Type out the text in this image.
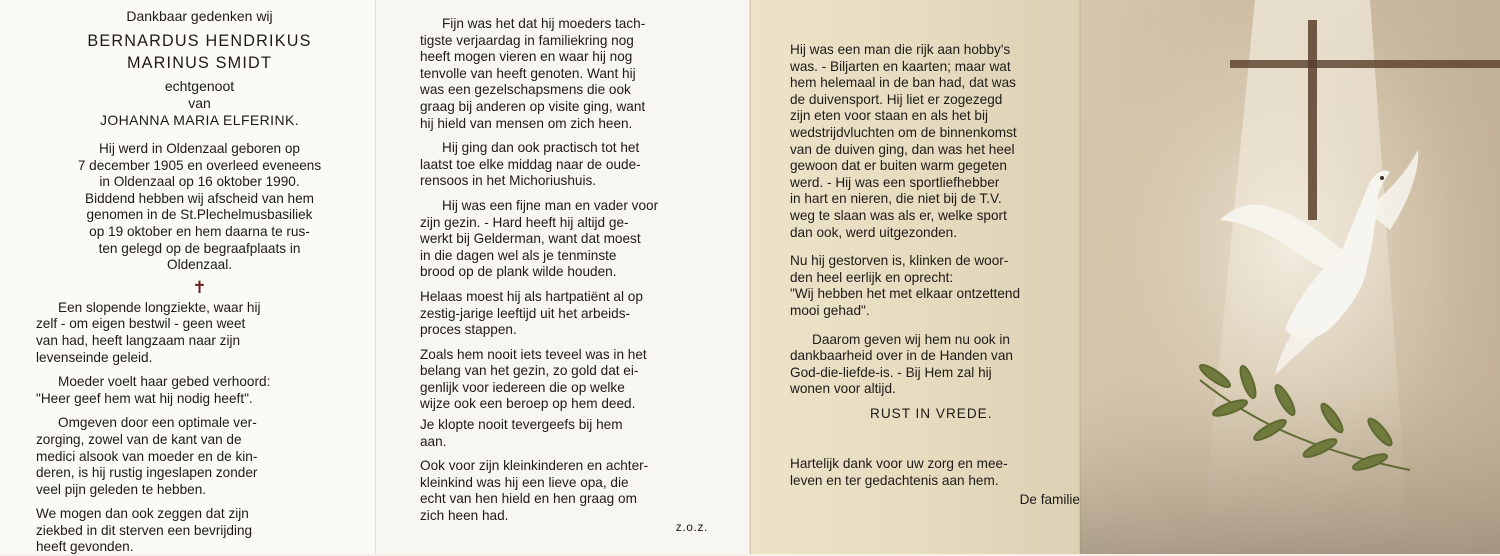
Dankbaar gedenken wij

BERNARDUS HENDRIKUS

MARINUS SMIDT

echtgenoot

van

JOHANNA MARIA ELFERINK.

Hij werd in Oldenzaal geboren op

7 december 1905 en overleed eveneens

in Oldenzaal op 16 oktober 1990.

Biddend hebben wij afscheid van hem

genomen in de St.Plechelmusbasiliek

op 19 oktober en hem daarna te rus-

ten gelegd op de begraafplaats in

Oldenzaal.

✝

Een slopende longziekte, waar hij

zelf - om eigen bestwil - geen weet

van had, heeft langzaam naar zijn

levenseinde geleid.

Moeder voelt haar gebed verhoord:

"Heer geef hem wat hij nodig heeft".

Omgeven door een optimale ver-

zorging, zowel van de kant van de

medici alsook van moeder en de kin-

deren, is hij rustig ingeslapen zonder

veel pijn geleden te hebben.

We mogen dan ook zeggen dat zijn

ziekbed in dit sterven een bevrijding

heeft gevonden.

Fijn was het dat hij moeders tach-

tigste verjaardag in familiekring nog

heeft mogen vieren en waar hij nog

tenvolle van heeft genoten. Want hij

was een gezelschapsmens die ook

graag bij anderen op visite ging, want

hij hield van mensen om zich heen.

Hij ging dan ook practisch tot het

laatst toe elke middag naar de oude-

rensoos in het Michoriushuis.

Hij was een fijne man en vader voor

zijn gezin. - Hard heeft hij altijd ge-

werkt bij Gelderman, want dat moest

in die dagen wel als je tenminste

brood op de plank wilde houden.

Helaas moest hij als hartpatiënt al op

zestig-jarige leeftijd uit het arbeids-

proces stappen.

Zoals hem nooit iets teveel was in het

belang van het gezin, zo gold dat ei-

genlijk voor iedereen die op welke

wijze ook een beroep op hem deed.

Je klopte nooit tevergeefs bij hem

aan.

Ook voor zijn kleinkinderen en achter-

kleinkind was hij een lieve opa, die

echt van hen hield en hen graag om

zich heen had.

z.o.z.

Hij was een man die rijk aan hobby's

was. - Biljarten en kaarten; maar wat

hem helemaal in de ban had, dat was

de duivensport. Hij liet er zogezegd

zijn eten voor staan en als het bij

wedstrijdvluchten om de binnenkomst

van de duiven ging, dan was het heel

gewoon dat er buiten warm gegeten

werd. - Hij was een sportliefhebber

in hart en nieren, die niet bij de T.V.

weg te slaan was als er, welke sport

dan ook, werd uitgezonden.

Nu hij gestorven is, klinken de woor-

den heel eerlijk en oprecht:

"Wij hebben het met elkaar ontzettend

mooi gehad".

Daarom geven wij hem nu ook in

dankbaarheid over in de Handen van

God-die-liefde-is. - Bij Hem zal hij

wonen voor altijd.

RUST IN VREDE.

Hartelijk dank voor uw zorg en mee-

leven en ter gedachtenis aan hem.

De familie
